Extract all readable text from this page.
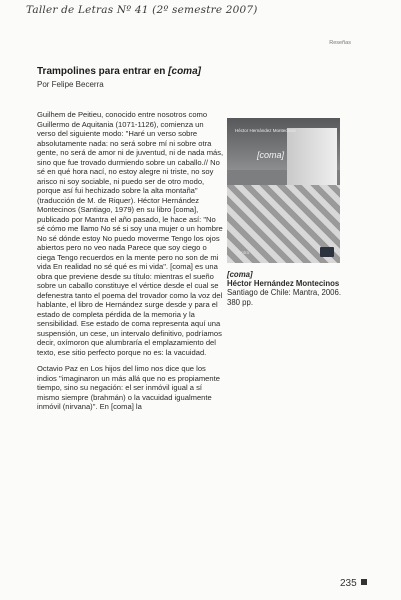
Taller de Letras Nº 41 (2º semestre 2007)
Reseñas
Trampolines para entrar en [coma]
Por Felipe Becerra

Guilhem de Peitieu, conocido entre nosotros como Guillermo de Aquitania (1071-1126), comienza un verso del siguiente modo: "Haré un verso sobre absolutamente nada: no será sobre mí ni sobre otra gente, no será de amor ni de juventud, ni de nada más, sino que fue trovado durmiendo sobre un caballo.// No sé en qué hora nací, no estoy alegre ni triste, no soy arisco ni soy sociable, ni puedo ser de otro modo, porque así fui hechizado sobre la alta montaña" (traducción de M. de Riquer). Héctor Hernández Montecinos (Santiago, 1979) en su libro [coma], publicado por Mantra el año pasado, le hace así: "No sé cómo me llamo No sé si soy una mujer o un hombre No sé dónde estoy No puedo moverme Tengo los ojos abiertos pero no veo nada Parece que soy ciego o ciega Tengo recuerdos en la mente pero no son de mi vida En realidad no sé qué es mi vida". [coma] es una obra que previene desde su título: mientras el sueño sobre un caballo constituye el vértice desde el cual se defenestra tanto el poema del trovador como la voz del hablante, el libro de Hernández surge desde y para el estado de completa pérdida de la memoria y la sensibilidad. Ese estado de coma representa aquí una suspensión, un cese, un intervalo definitivo, podríamos decir, oxímoron que alumbraría el emplazamiento del texto, ese sitio perfecto porque no es: la vacuidad.

Octavio Paz en Los hijos del limo nos dice que los indios "imaginaron un más allá que no es propiamente tiempo, sino su negación: el ser inmóvil igual a sí mismo siempre (brahmán) o la vacuidad igualmente inmóvil (nirvana)". En [coma] la

Héctor Hernández Montecinos
[coma]
Mantra
[coma]
Héctor Hernández Montecinos
Santiago de Chile: Mantra, 2006. 380 pp.
235
